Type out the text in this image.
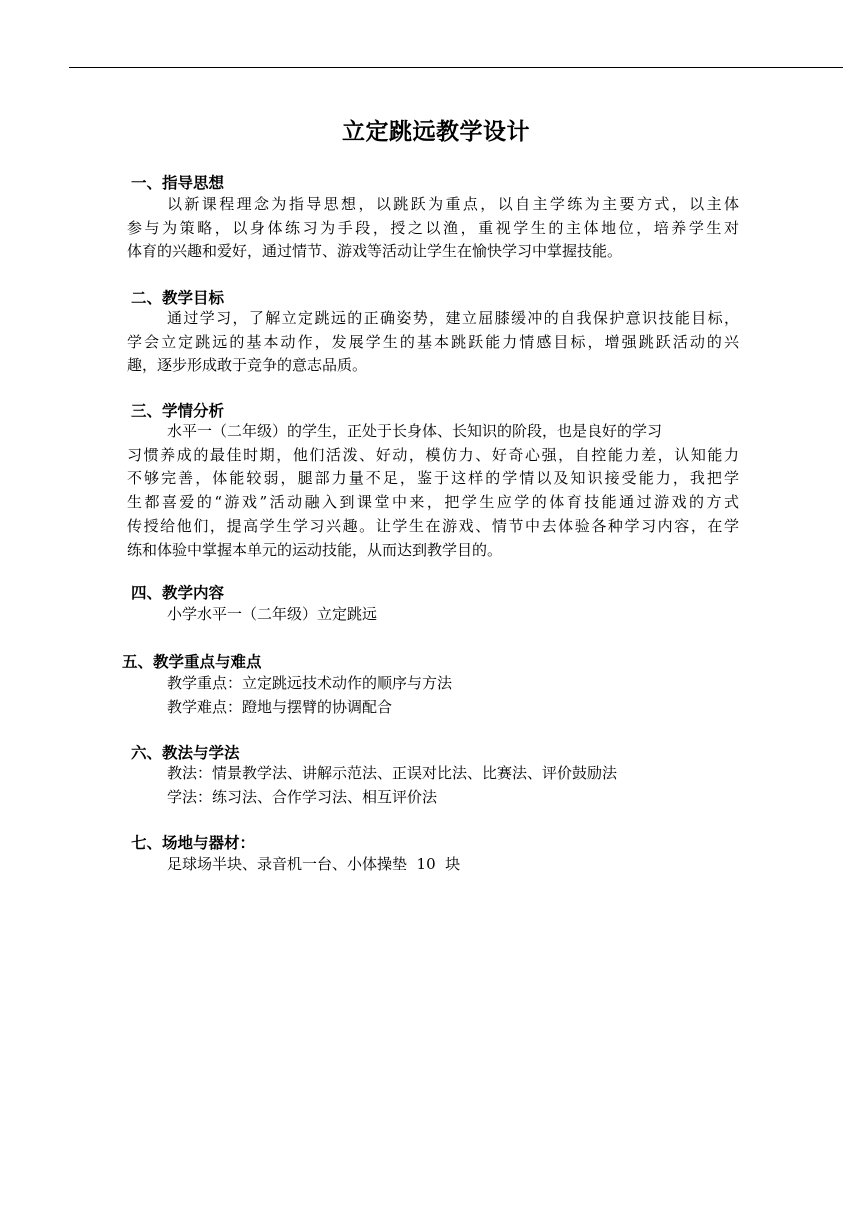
立定跳远教学设计
一、指导思想
以新课程理念为指导思想，以跳跃为重点，以自主学练为主要方式，以主体
参与为策略，以身体练习为手段，授之以渔，重视学生的主体地位，培养学生对
体育的兴趣和爱好，通过情节、游戏等活动让学生在愉快学习中掌握技能。
二、教学目标
通过学习，了解立定跳远的正确姿势，建立屈膝缓冲的自我保护意识技能目标，
学会立定跳远的基本动作，发展学生的基本跳跃能力情感目标，增强跳跃活动的兴
趣，逐步形成敢于竞争的意志品质。
三、学情分析
水平一（二年级）的学生，正处于长身体、长知识的阶段，也是良好的学习
习惯养成的最佳时期，他们活泼、好动，模仿力、好奇心强，自控能力差，认知能力
不够完善，体能较弱，腿部力量不足，鉴于这样的学情以及知识接受能力，我把学
生都喜爱的“游戏”活动融入到课堂中来，把学生应学的体育技能通过游戏的方式
传授给他们，提高学生学习兴趣。让学生在游戏、情节中去体验各种学习内容，在学
练和体验中掌握本单元的运动技能，从而达到教学目的。
四、教学内容
小学水平一（二年级）立定跳远
五、教学重点与难点
教学重点：立定跳远技术动作的顺序与方法
教学难点：蹬地与摆臂的协调配合
六、教法与学法
教法：情景教学法、讲解示范法、正误对比法、比赛法、评价鼓励法
学法：练习法、合作学习法、相互评价法
七、场地与器材：
足球场半块、录音机一台、小体操垫  10  块
